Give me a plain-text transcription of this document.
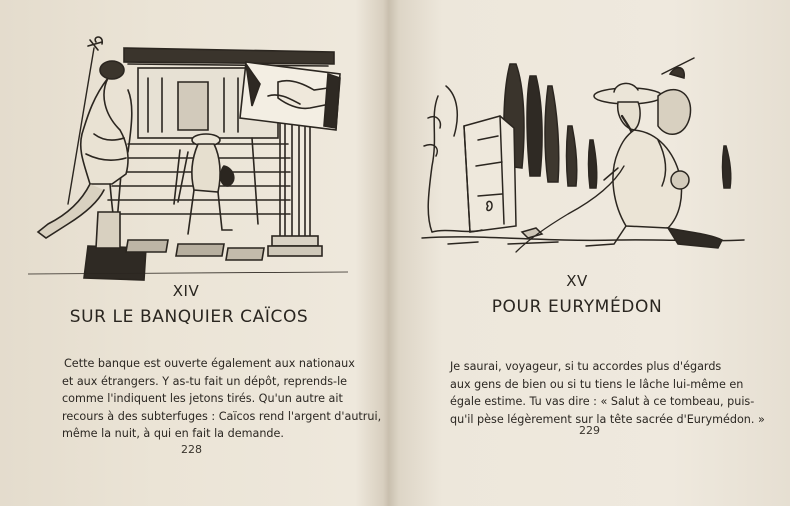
XIV
SUR LE BANQUIER CAÏCOS
Cette banque est ouverte également aux nationaux
et aux étrangers. Y as-tu fait un dépôt, reprends-le
comme l'indiquent les jetons tirés. Qu'un autre ait
recours à des subterfuges : Caïcos rend l'argent d'autrui,
même la nuit, à qui en fait la demande.
228
XV
POUR EURYMÉDON
Je saurai, voyageur, si tu accordes plus d'égards
aux gens de bien ou si tu tiens le lâche lui-même en
égale estime. Tu vas dire : « Salut à ce tombeau, puis-
qu'il pèse légèrement sur la tête sacrée d'Eurymédon. »
229
